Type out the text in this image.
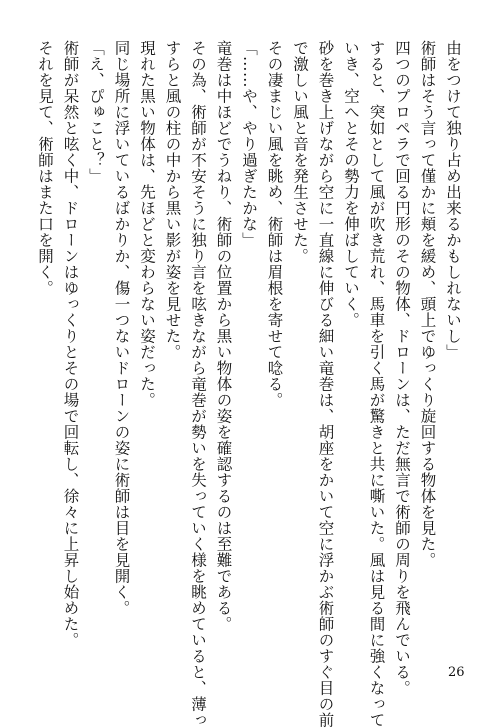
由をつけて独り占め出来るかもしれないし」
術師はそう言って僅かに頬を緩め、頭上でゆっくり旋回する物体を見た。
四つのプロペラで回る円形のその物体、ドローンは、ただ無言で術師の周りを飛んでいる。
すると、突如として風が吹き荒れ、馬車を引く馬が驚きと共に嘶いた。風は見る間に強くなって
いき、空へとその勢力を伸ばしていく。
砂を巻き上げながら空に一直線に伸びる細い竜巻は、胡座をかいて空に浮かぶ術師のすぐ目の前
で激しい風と音を発生させた。
その凄まじい風を眺め、術師は眉根を寄せて唸る。
「……や、やり過ぎたかな」
竜巻は中ほどでうねり、術師の位置から黒い物体の姿を確認するのは至難である。
その為、術師が不安そうに独り言を呟きながら竜巻が勢いを失っていく様を眺めていると、薄っ
すらと風の柱の中から黒い影が姿を見せた。
現れた黒い物体は、先ほどと変わらない姿だった。
同じ場所に浮いているばかりか、傷一つないドローンの姿に術師は目を見開く。
「え、ぴゅこと？」
術師が呆然と呟く中、ドローンはゆっくりとその場で回転し、徐々に上昇し始めた。
それを見て、術師はまた口を開く。
26
